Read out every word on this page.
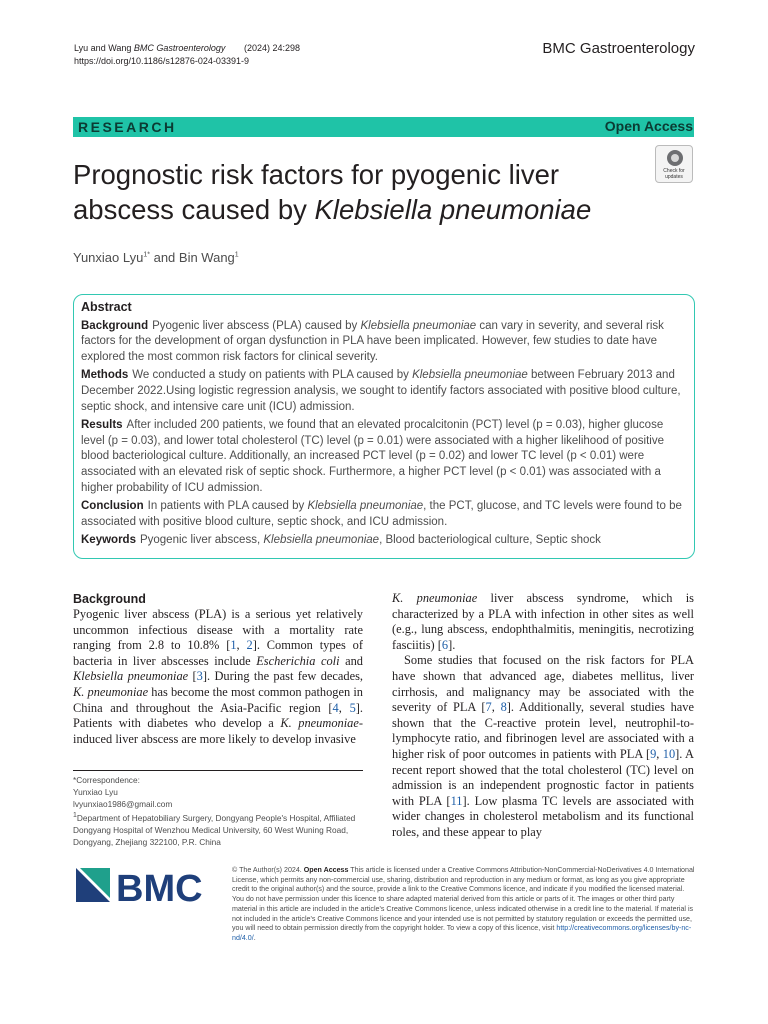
Lyu and Wang BMC Gastroenterology (2024) 24:298
https://doi.org/10.1186/s12876-024-03391-9
BMC Gastroenterology
RESEARCH	Open Access
Prognostic risk factors for pyogenic liver abscess caused by Klebsiella pneumoniae
Check for updates
Yunxiao Lyu$^{1*}$ and Bin Wang$^1$
Abstract

Background Pyogenic liver abscess (PLA) caused by Klebsiella pneumoniae can vary in severity, and several risk factors for the development of organ dysfunction in PLA have been implicated. However, few studies to date have explored the most common risk factors for clinical severity.

Methods We conducted a study on patients with PLA caused by Klebsiella pneumoniae between February 2013 and December 2022.Using logistic regression analysis, we sought to identify factors associated with positive blood culture, septic shock, and intensive care unit (ICU) admission.

Results After included 200 patients, we found that an elevated procalcitonin (PCT) level (p = 0.03), higher glucose level (p = 0.03), and lower total cholesterol (TC) level (p = 0.01) were associated with a higher likelihood of positive blood bacteriological culture. Additionally, an increased PCT level (p = 0.02) and lower TC level (p < 0.01) were associated with an elevated risk of septic shock. Furthermore, a higher PCT level (p < 0.01) was associated with a higher probability of ICU admission.

Conclusion In patients with PLA caused by Klebsiella pneumoniae, the PCT, glucose, and TC levels were found to be associated with positive blood culture, septic shock, and ICU admission.

Keywords Pyogenic liver abscess, Klebsiella pneumoniae, Blood bacteriological culture, Septic shock

Background
Pyogenic liver abscess (PLA) is a serious yet relatively uncommon infectious disease with a mortality rate ranging from 2.8 to 10.8% [1, 2]. Common types of bacteria in liver abscesses include Escherichia coli and Klebsiella pneumoniae [3]. During the past few decades, K. pneumoniae has become the most common pathogen in China and throughout the Asia-Pacific region [4, 5]. Patients with diabetes who develop a K. pneumoniae-induced liver abscess are more likely to develop invasive
K. pneumoniae liver abscess syndrome, which is characterized by a PLA with infection in other sites as well (e.g., lung abscess, endophthalmitis, meningitis, necrotizing fasciitis) [6].
Some studies that focused on the risk factors for PLA have shown that advanced age, diabetes mellitus, liver cirrhosis, and malignancy may be associated with the severity of PLA [7, 8]. Additionally, several studies have shown that the C-reactive protein level, neutrophil-to-lymphocyte ratio, and fibrinogen level are associated with a higher risk of poor outcomes in patients with PLA [9, 10]. A recent report showed that the total cholesterol (TC) level on admission is an independent prognostic factor in patients with PLA [11]. Low plasma TC levels are associated with wider changes in cholesterol metabolism and its functional roles, and these appear to play
*Correspondence:
Yunxiao Lyu
lvyunxiao1986@gmail.com
$^1$Department of Hepatobiliary Surgery, Dongyang People's Hospital, Affiliated Dongyang Hospital of Wenzhou Medical University, 60 West Wuning Road, Dongyang, Zhejiang 322100, P.R. China
BMC	© The Author(s) 2024. Open Access This article is licensed under a Creative Commons Attribution-NonCommercial-NoDerivatives 4.0 International License, which permits any non-commercial use, sharing, distribution and reproduction in any medium or format, as long as you give appropriate credit to the original author(s) and the source, provide a link to the Creative Commons licence, and indicate if you modified the licensed material. You do not have permission under this licence to share adapted material derived from this article or parts of it. The images or other third party material in this article are included in the article's Creative Commons licence, unless indicated otherwise in a credit line to the material. If material is not included in the article's Creative Commons licence and your intended use is not permitted by statutory regulation or exceeds the permitted use, you will need to obtain permission directly from the copyright holder. To view a copy of this licence, visit http://creativecommons.org/licenses/by-nc-nd/4.0/.
